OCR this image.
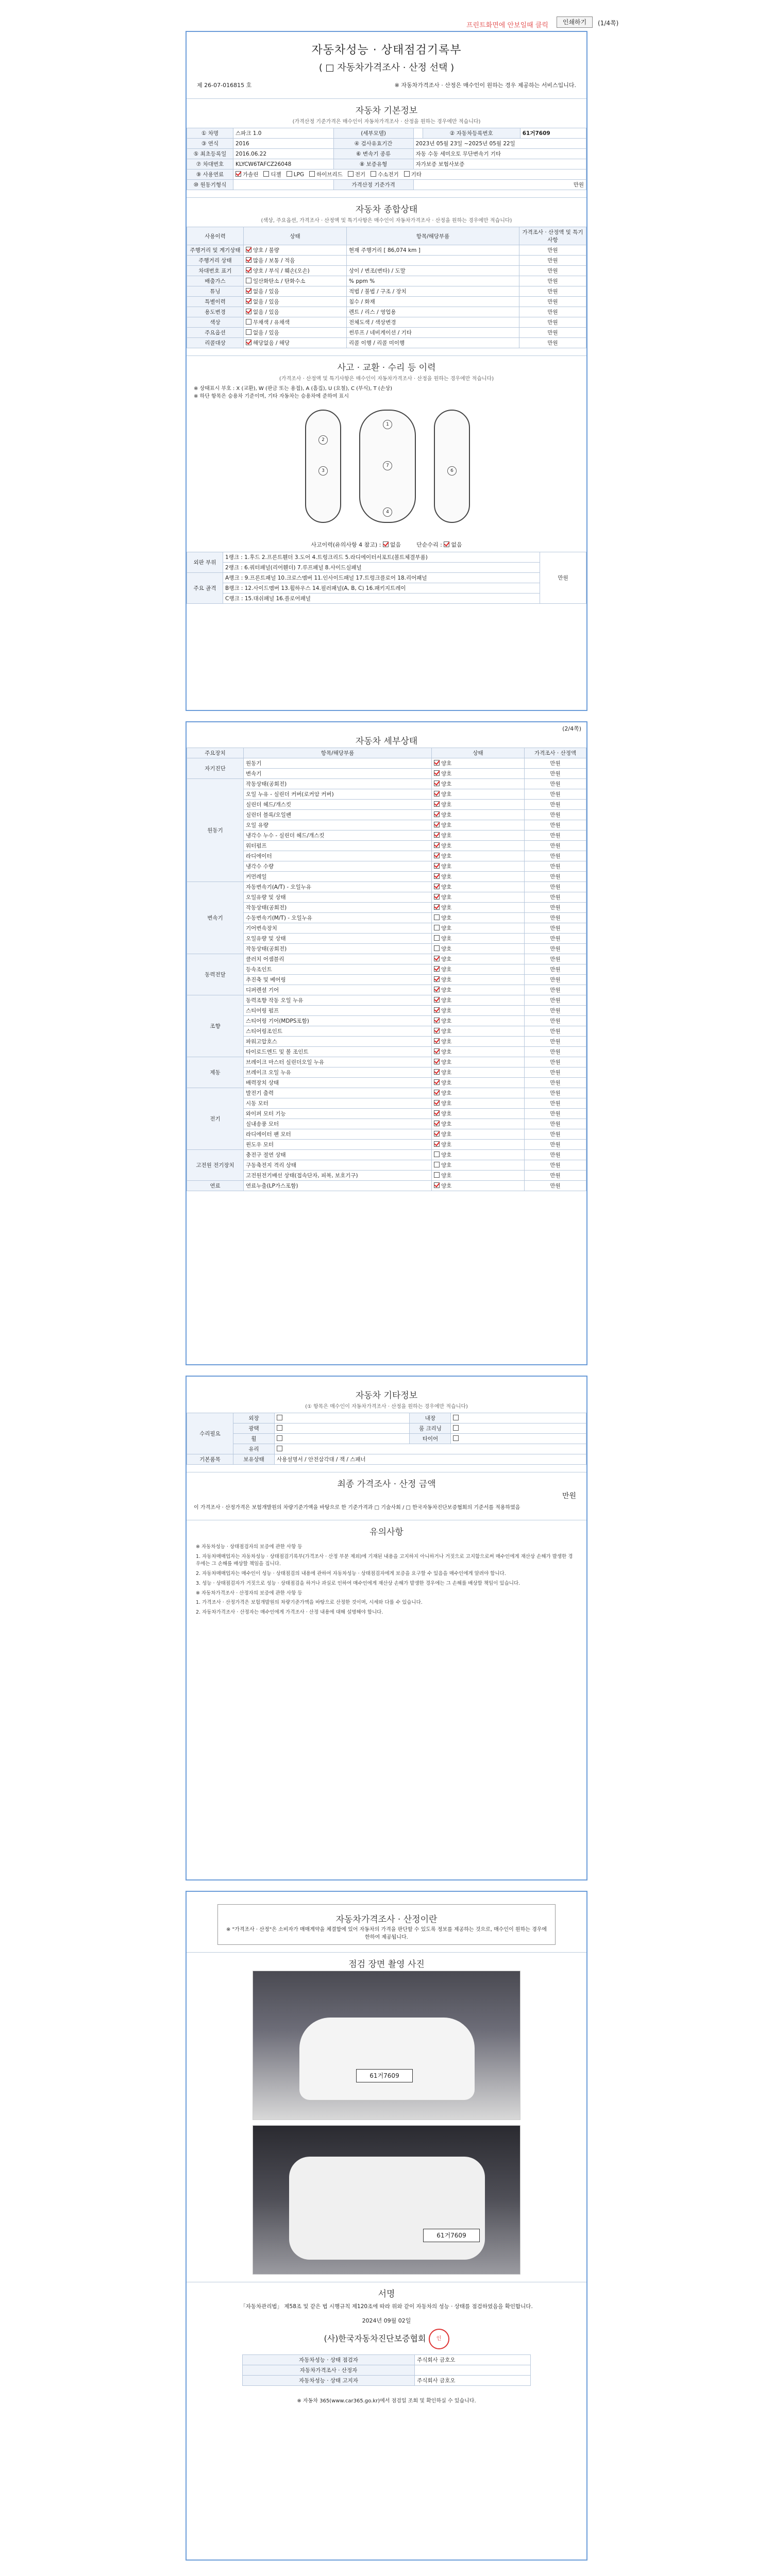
프린트화면에 안보일때 클릭	인쇄하기	(1/4쪽)
자동차성능 · 상태점검기록부
( □ 자동차가격조사 · 산정 선택 )
제 26-07-016815 호	※ 자동차가격조사 · 산정은 매수인이 원하는 경우 제공하는 서비스입니다.
자동차 기본정보
(가격산정 기준가격은 매수인이 자동차가격조사 · 산정을 원하는 경우에만 적습니다)
① 차명	스파크 1.0	(세부모델)		② 자동차등록번호	61거7609
③ 연식	2016	④ 검사유효기간	2023년 05월 23일 ~2025년 05월 22일		
⑤ 최초등록일	2016.06.22	⑥ 변속기 종류	자동 수동 세미오토 무단변속기 기타		
⑦ 차대번호	KLYCW6TAFCZ26048	⑧ 보증유형	자가보증 보험사보증		
⑨ 사용연료	가솔린 디젤 LPG 하이브리드 전기 수소전기 기타				
⑩ 원동기형식		가격산정 기준가격	만원		
자동차 종합상태
(색상, 주요옵션, 가격조사 · 산정액 및 특기사항은 매수인이 자동차가격조사 · 산정을 원하는 경우에만 적습니다)
사용이력	상태	항목/해당부품	가격조사 · 산정액 및 특기사항
주행거리 및 계기상태	양호 / 불량	현재 주행거리 [ 86,074 km ]	만원
주행거리 상태	많음 / 보통 / 적음		만원
차대번호 표기	양호 / 부식 / 훼손(오손)	상이 / 변조(변타) / 도말	만원
배출가스	일산화탄소 / 탄화수소	% ppm %	만원
튜닝	없음 / 있음	적법 / 불법 / 구조 / 장치	만원
특별이력	없음 / 있음	침수 / 화재	만원
용도변경	없음 / 있음	렌트 / 리스 / 영업용	만원
색상	무채색 / 유채색	전체도색 / 색상변경	만원
주요옵션	없음 / 있음	썬루프 / 네비게이션 / 기타	만원
리콜대상	해당없음 / 해당	리콜 이행 / 리콜 미이행	만원
사고 · 교환 · 수리 등 이력
(가격조사 · 산정액 및 특기사항은 매수인이 자동차가격조사 · 산정을 원하는 경우에만 적습니다)
※ 상태표시 부호 : X (교환), W (판금 또는 용접), A (흠집), U (요철), C (부식), T (손상)
※ 하단 항목은 승용차 기준이며, 기타 자동차는 승용차에 준하여 표시
1
2
3
4
7
6
사고이력(유의사항 4 참고) : 없음	단순수리 : 없음
외판 부위	1랭크 : 1.후드 2.프론트휀더 3.도어 4.트렁크리드 5.라디에이터서포트(볼트체결부품)	만원
	2랭크 : 6.쿼터패널(리어휀더) 7.루프패널 8.사이드실패널	
주요 골격	A랭크 : 9.프론트패널 10.크로스멤버 11.인사이드패널 17.트렁크플로어 18.리어패널	
	B랭크 : 12.사이드멤버 13.휠하우스 14.필러패널(A, B, C) 16.패키지트레이	
	C랭크 : 15.대쉬패널 16.플로어패널	
(2/4쪽)
자동차 세부상태
주요장치	항목/해당부품	상태	가격조사 · 산정액
자기진단	원동기	양호	만원
	변속기	양호	만원
원동기	작동상태(공회전)	양호	만원
	오일 누유 - 실린더 커버(로커암 커버)	양호	만원
	실린더 헤드/개스킷	양호	만원
	실린더 블록/오일팬	양호	만원
	오일 유량	양호	만원
	냉각수 누수 - 실린더 헤드/개스킷	양호	만원
	워터펌프	양호	만원
	라디에이터	양호	만원
	냉각수 수량	양호	만원
	커먼레일	양호	만원
변속기	자동변속기(A/T) - 오일누유	양호	만원
	오일유량 및 상태	양호	만원
	작동상태(공회전)	양호	만원
	수동변속기(M/T) - 오일누유	양호	만원
	기어변속장치	양호	만원
	오일유량 및 상태	양호	만원
	작동상태(공회전)	양호	만원
동력전달	클러치 어셈블리	양호	만원
	등속조인트	양호	만원
	추진축 및 베어링	양호	만원
	디퍼렌셜 기어	양호	만원
조향	동력조향 작동 오일 누유	양호	만원
	스티어링 펌프	양호	만원
	스티어링 기어(MDPS포함)	양호	만원
	스티어링조인트	양호	만원
	파워고압호스	양호	만원
	타이로드엔드 및 볼 조인트	양호	만원
제동	브레이크 마스터 실린더오일 누유	양호	만원
	브레이크 오일 누유	양호	만원
	배력장치 상태	양호	만원
전기	발전기 출력	양호	만원
	시동 모터	양호	만원
	와이퍼 모터 기능	양호	만원
	실내송풍 모터	양호	만원
	라디에이터 팬 모터	양호	만원
	윈도우 모터	양호	만원
고전원 전기장치	충전구 절연 상태	양호	만원
	구동축전지 격리 상태	양호	만원
	고전원전기배선 상태(접속단자, 피복, 보호기구)	양호	만원
연료	연료누출(LP가스포함)	양호	만원
자동차 기타정보
(① 항목은 매수인이 자동차가격조사 · 산정을 원하는 경우에만 적습니다)
수리필요	외장		내장	
	광택		룸 크리닝	
	휠		타이어	
	유리			
기본품목	보유상태	사용설명서 / 안전삼각대 / 잭 / 스패너		
최종 가격조사 · 산정 금액
만원
이 가격조사 · 산정가격은 보험개발원의 차량기준가액을 바탕으로 한 기준가격과 □ 기술사회 / □ 한국자동차진단보증협회의 기준서를 적용하였음
유의사항

※ 자동차성능 · 상태점검자의 보증에 관한 사항 등

1. 자동차매매업자는 자동차성능 · 상태점검기록부(가격조사 · 산정 부분 제외)에 기재된 내용을 고지하지 아니하거나 거짓으로 고지함으로써 매수인에게 재산상 손해가 발생한 경우에는 그 손해를 배상할 책임을 집니다.

2. 자동차매매업자는 매수인이 성능 · 상태점검의 내용에 관하여 자동차성능 · 상태점검자에게 보증을 요구할 수 있음을 매수인에게 알려야 합니다.

3. 성능 · 상태점검자가 거짓으로 성능 · 상태점검을 하거나 과실로 인하여 매수인에게 재산상 손해가 발생한 경우에는 그 손해를 배상할 책임이 있습니다.

※ 자동차가격조사 · 산정자의 보증에 관한 사항 등

1. 가격조사 · 산정가격은 보험개발원의 차량기준가액을 바탕으로 산정한 것이며, 시세와 다를 수 있습니다.

2. 자동차가격조사 · 산정자는 매수인에게 가격조사 · 산정 내용에 대해 설명해야 합니다.

자동차가격조사 · 산정이란
※ "가격조사 · 산정"은 소비자가 매매계약을 체결함에 있어 자동차의 가격을 판단할 수 있도록 정보를 제공하는 것으로, 매수인이 원하는 경우에 한하여 제공됩니다.
점검 장면 촬영 사진
61거7609
61거7609
서명
「자동차관리법」 제58조 및 같은 법 시행규칙 제120조에 따라 위와 같이 자동차의 성능 · 상태를 점검하였음을 확인합니다.
2024년 09월 02일
(사)한국자동차진단보증협회 인
자동차성능 · 상태 점검자	주식회사 금호오
자동차가격조사 · 산정자	
자동차성능 · 상태 고지자	주식회사 금호오
※ 자동차 365(www.car365.go.kr)에서 점검일 조회 및 확인하실 수 있습니다.
